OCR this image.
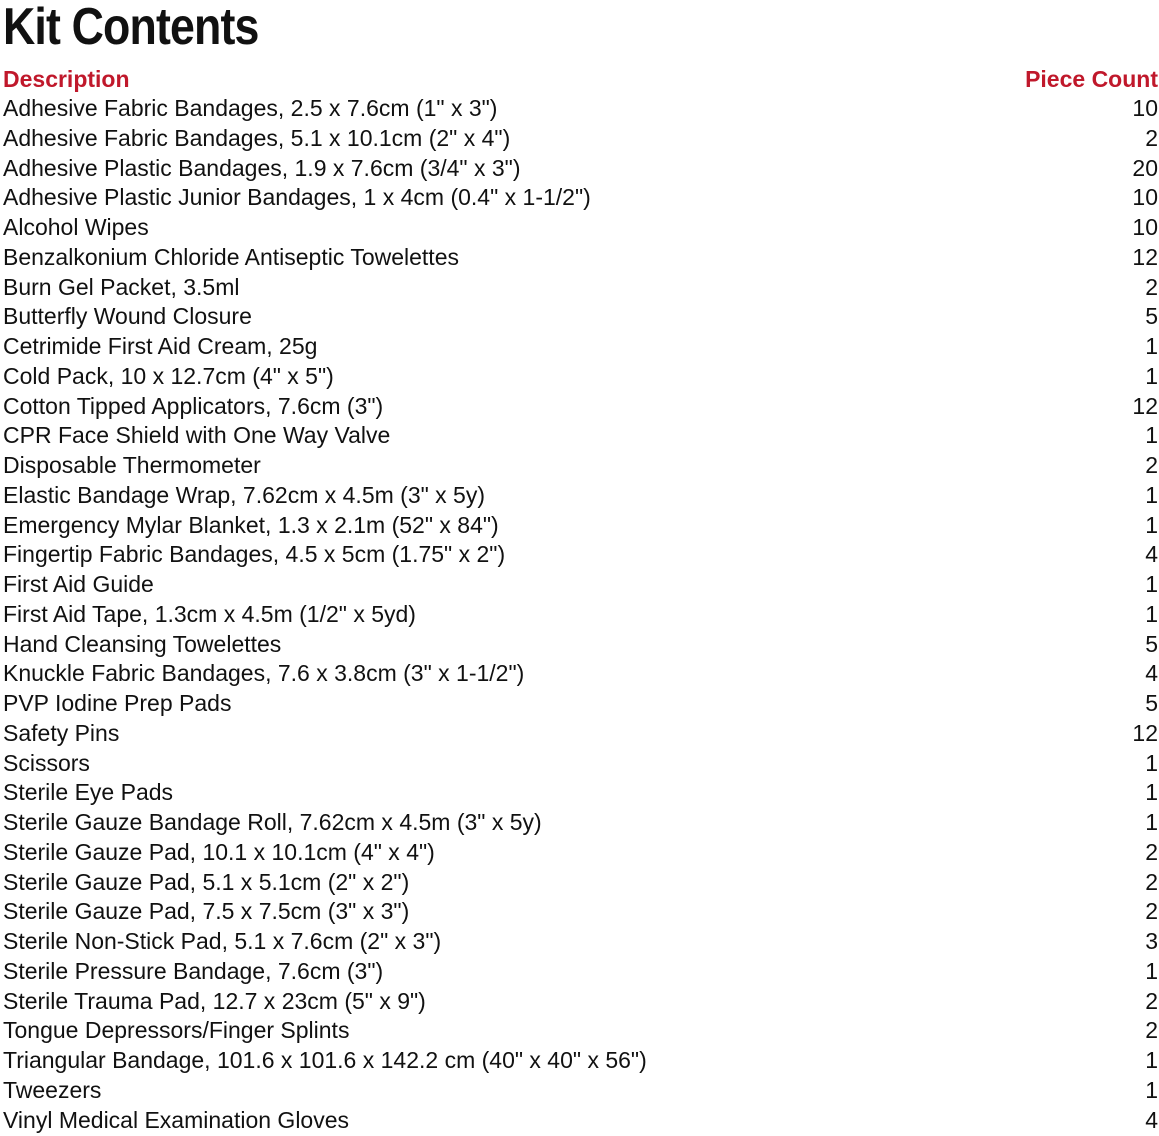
Kit Contents
Description	Piece Count
Adhesive Fabric Bandages, 2.5 x 7.6cm (1" x 3")	10
Adhesive Fabric Bandages, 5.1 x 10.1cm (2" x 4")	2
Adhesive Plastic Bandages, 1.9 x 7.6cm (3/4" x 3")	20
Adhesive Plastic Junior Bandages, 1 x 4cm (0.4" x 1-1/2")	10
Alcohol Wipes	10
Benzalkonium Chloride Antiseptic Towelettes	12
Burn Gel Packet, 3.5ml	2
Butterfly Wound Closure	5
Cetrimide First Aid Cream, 25g	1
Cold Pack, 10 x 12.7cm (4" x 5")	1
Cotton Tipped Applicators, 7.6cm (3")	12
CPR Face Shield with One Way Valve	1
Disposable Thermometer	2
Elastic Bandage Wrap, 7.62cm x 4.5m (3" x 5y)	1
Emergency Mylar Blanket, 1.3 x 2.1m (52" x 84")	1
Fingertip Fabric Bandages, 4.5 x 5cm (1.75" x 2")	4
First Aid Guide	1
First Aid Tape, 1.3cm x 4.5m (1/2" x 5yd)	1
Hand Cleansing Towelettes	5
Knuckle Fabric Bandages, 7.6 x 3.8cm (3" x 1-1/2")	4
PVP Iodine Prep Pads	5
Safety Pins	12
Scissors	1
Sterile Eye Pads	1
Sterile Gauze Bandage Roll, 7.62cm x 4.5m (3" x 5y)	1
Sterile Gauze Pad, 10.1 x 10.1cm (4" x 4")	2
Sterile Gauze Pad, 5.1 x 5.1cm (2" x 2")	2
Sterile Gauze Pad, 7.5 x 7.5cm (3" x 3")	2
Sterile Non-Stick Pad, 5.1 x 7.6cm (2" x 3")	3
Sterile Pressure Bandage, 7.6cm (3")	1
Sterile Trauma Pad, 12.7 x 23cm (5" x 9")	2
Tongue Depressors/Finger Splints	2
Triangular Bandage, 101.6 x 101.6 x 142.2 cm (40" x 40" x 56")	1
Tweezers	1
Vinyl Medical Examination Gloves	4
